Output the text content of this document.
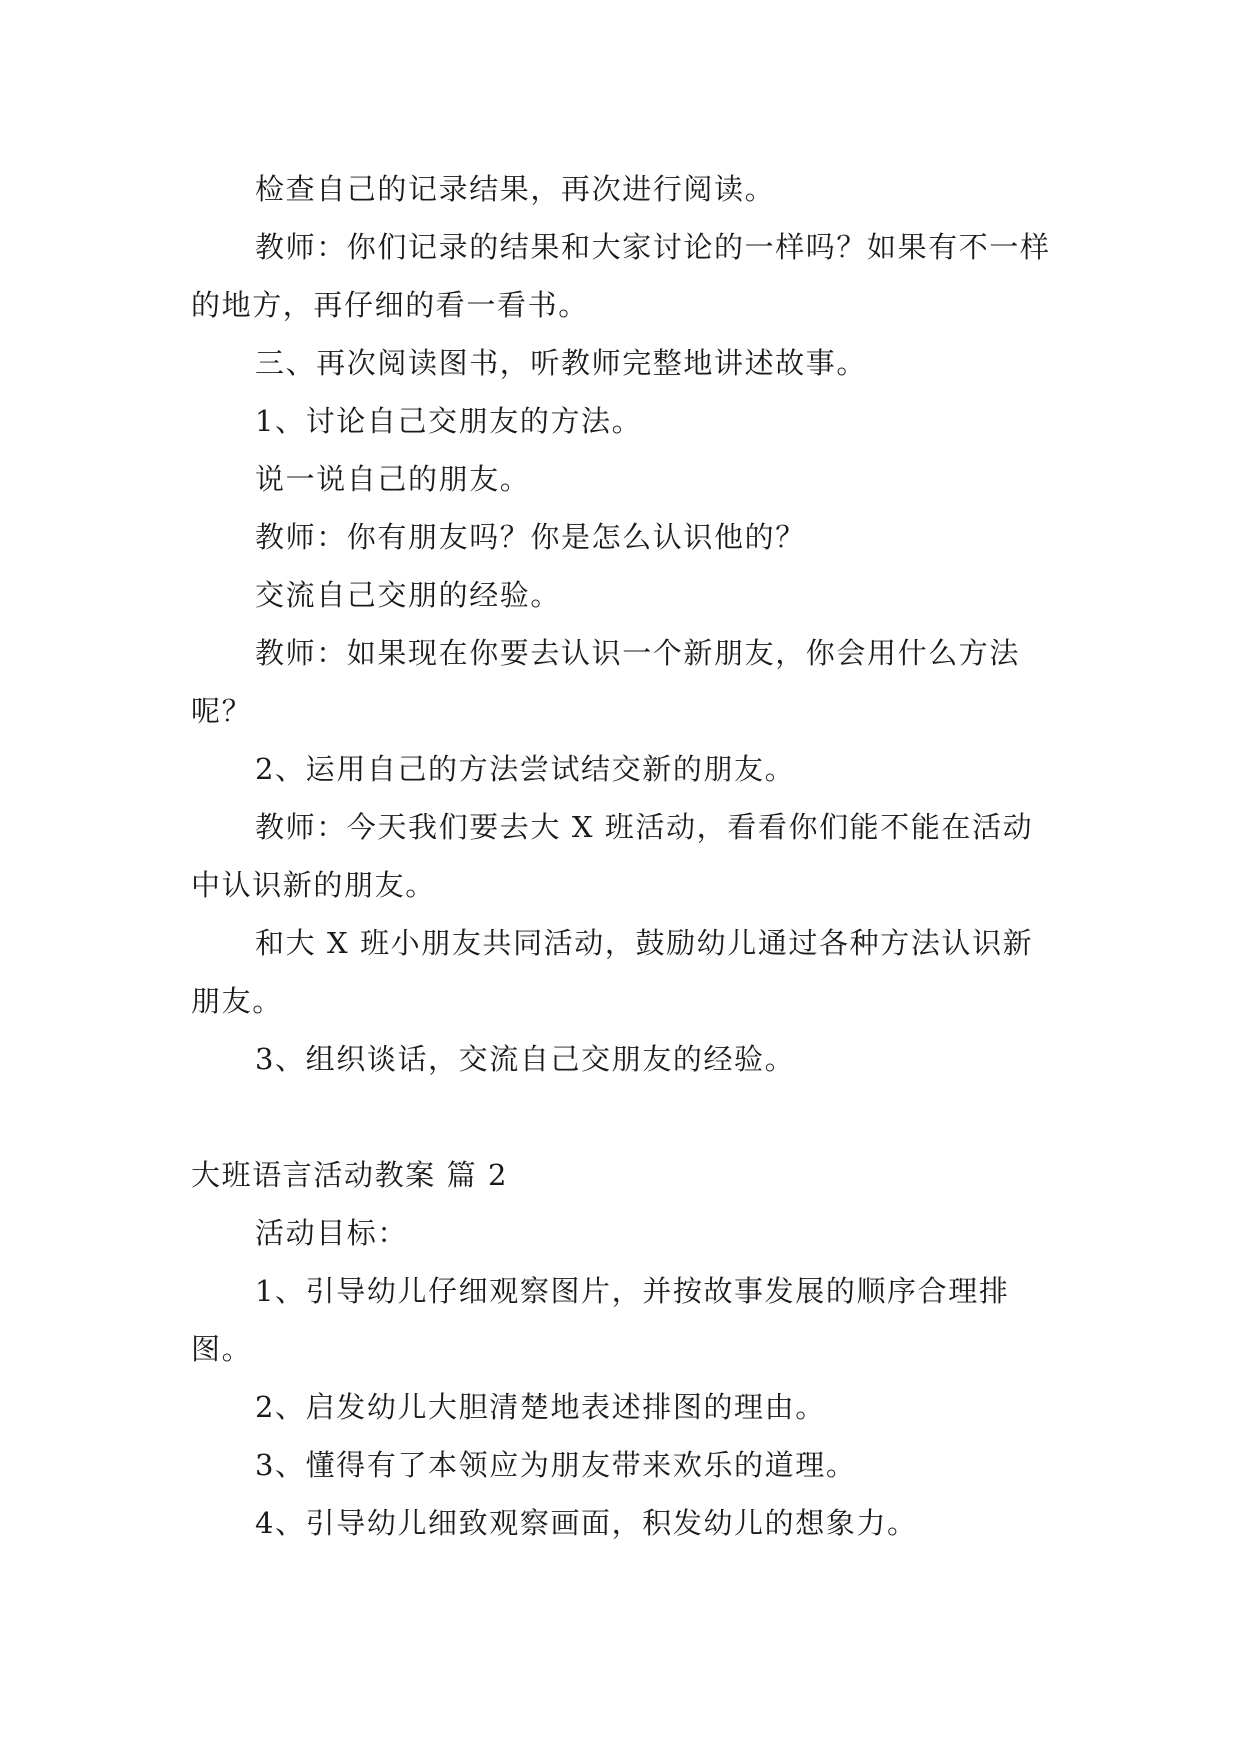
检查自己的记录结果，再次进行阅读。

教师：你们记录的结果和大家讨论的一样吗？如果有不一样的地方，再仔细的看一看书。

三、再次阅读图书，听教师完整地讲述故事。

1、讨论自己交朋友的方法。

说一说自己的朋友。

教师：你有朋友吗？你是怎么认识他的？

交流自己交朋的经验。

教师：如果现在你要去认识一个新朋友，你会用什么方法呢？

2、运用自己的方法尝试结交新的朋友。

教师：今天我们要去大 X 班活动，看看你们能不能在活动中认识新的朋友。

和大 X 班小朋友共同活动，鼓励幼儿通过各种方法认识新朋友。

3、组织谈话，交流自己交朋友的经验。

大班语言活动教案 篇 2

活动目标：

1、引导幼儿仔细观察图片，并按故事发展的顺序合理排图。

2、启发幼儿大胆清楚地表述排图的理由。

3、懂得有了本领应为朋友带来欢乐的道理。

4、引导幼儿细致观察画面，积发幼儿的想象力。
